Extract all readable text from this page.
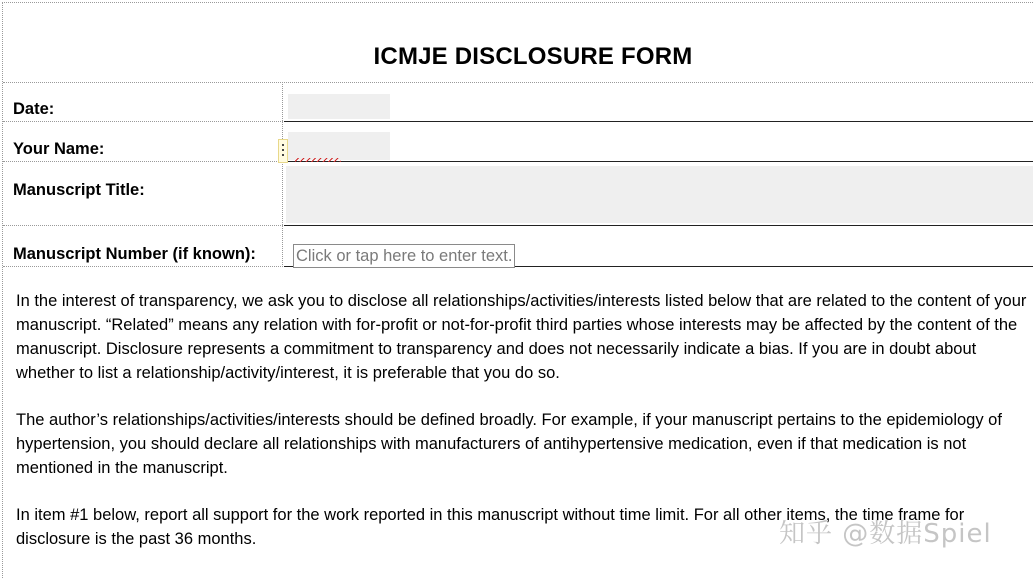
ICMJE DISCLOSURE FORM
Date:
Your Name:
Manuscript Title:
Manuscript Number (if known): Click or tap here to enter text.

In the interest of transparency, we ask you to disclose all relationships/activities/interests listed below that are related to the content of your manuscript. “Related” means any relation with for-profit or not-for-profit third parties whose interests may be affected by the content of the manuscript. Disclosure represents a commitment to transparency and does not necessarily indicate a bias. If you are in doubt about whether to list a relationship/activity/interest, it is preferable that you do so.

The author’s relationships/activities/interests should be defined broadly. For example, if your manuscript pertains to the epidemiology of hypertension, you should declare all relationships with manufacturers of antihypertensive medication, even if that medication is not mentioned in the manuscript.

In item #1 below, report all support for the work reported in this manuscript without time limit. For all other items, the time frame for disclosure is the past 36 months.	知乎 @数据Spiel
